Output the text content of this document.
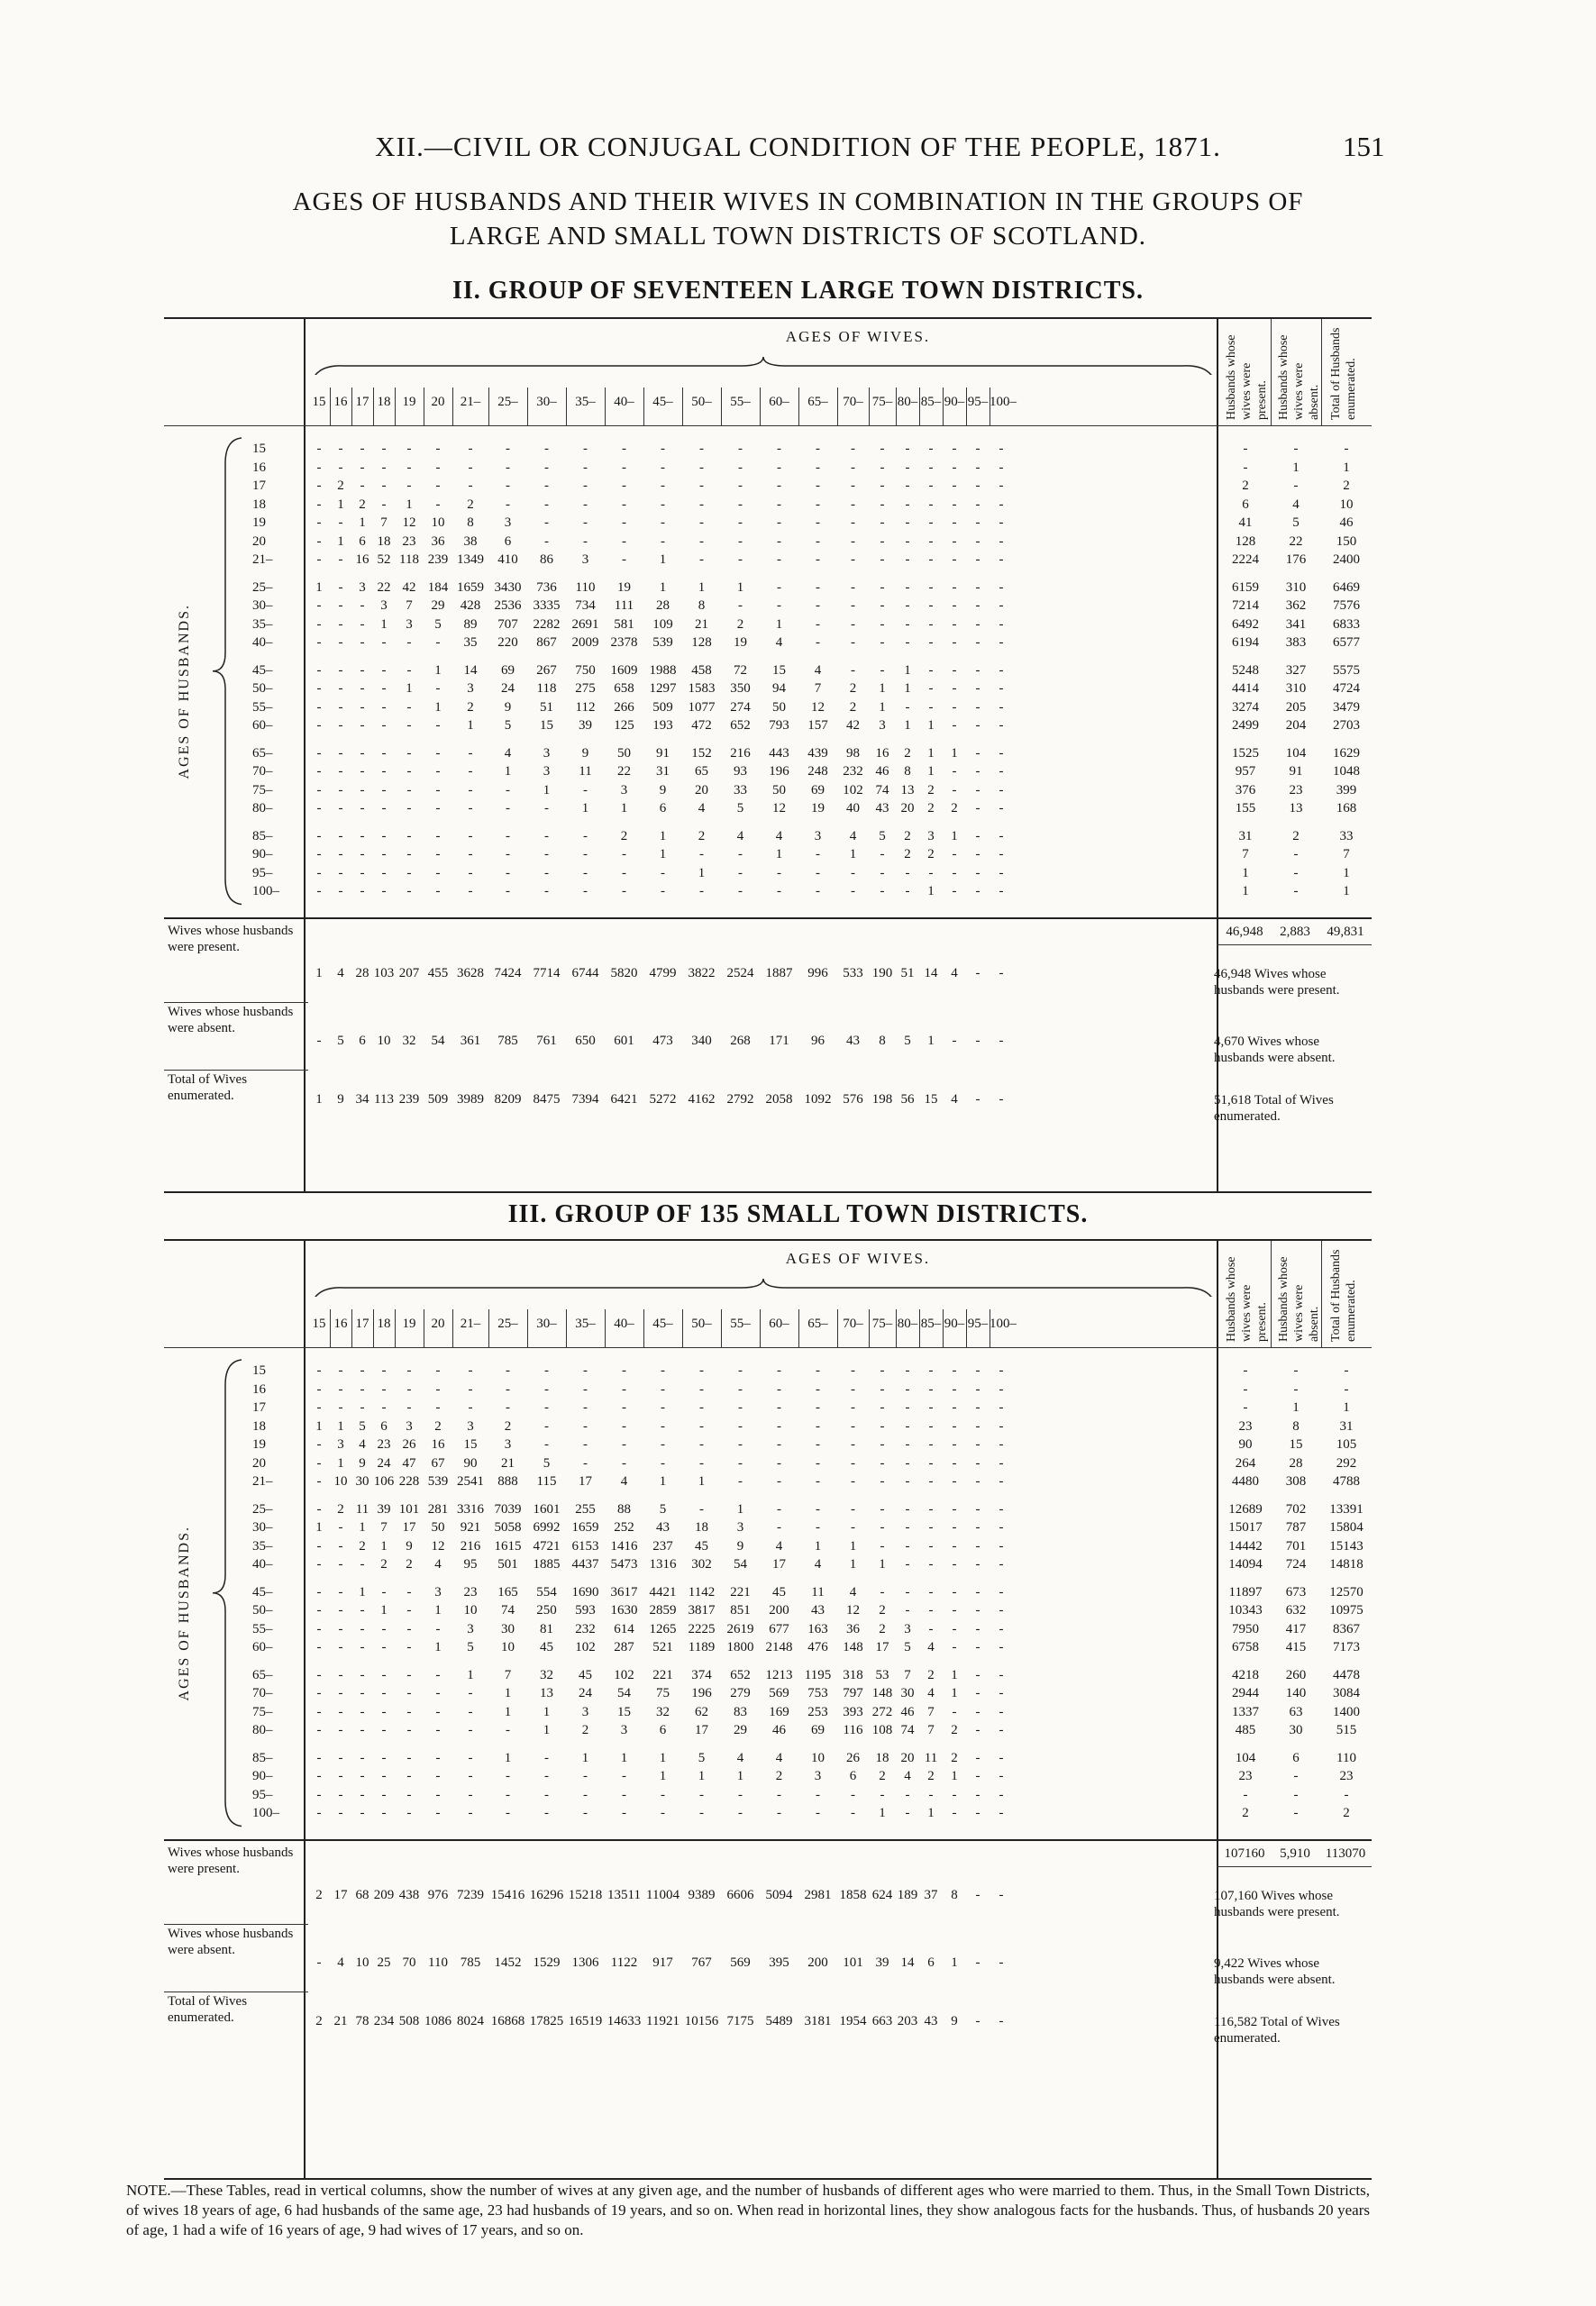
XII.—CIVIL OR CONJUGAL CONDITION OF THE PEOPLE, 1871.	151
AGES OF HUSBANDS AND THEIR WIVES IN COMBINATION IN THE GROUPS OF
LARGE AND SMALL TOWN DISTRICTS OF SCOTLAND.
II. GROUP OF SEVENTEEN LARGE TOWN DISTRICTS.
15 16 17 18 19	20	21–	25–	30–	35–	40–	45–	50–	55–	60–	65–	70– 75– 80– 85– 90– 95– 100–
AGES OF WIVES.	Husbands whose wives were present. Husbands whose wives were absent. Total of Husbands enumerated.
15	-	-	-	-	-	-	-	-	-	-	-	-	-	-	-	-	-	-	-	-	-	-	-	-	-	-
16	-	-	-	-	-	-	-	-	-	-	-	-	-	-	-	-	-	-	-	-	-	-	-	-	1	1
17	-	2	-	-	-	-	-	-	-	-	-	-	-	-	-	-	-	-	-	-	-	-	-	2	-	2
18	-	1	2	-	1	-	2	-	-	-	-	-	-	-	-	-	-	-	-	-	-	-	-	6	4	10
19	-	-	1	7	12	10	8	3	-	-	-	-	-	-	-	-	-	-	-	-	-	-	-	41	5	46
20	-	1	6 18 23	36	38	6	-	-	-	-	-	-	-	-	-	-	-	-	-	-	-	128	22	150
21–	-	- 16 52 118 239 1349	410	86	3	-	1	-	-	-	-	-	-	-	-	-	-	-	2224	176	2400
25–	1	-	3 22 42 184 1659 3430	736	110	19	1	1	1	-	-	-	-	-	-	-	-	-	6159	310	6469
30–	-	-	-	3	7	29	428	2536 3335	734	111	28	8	-	-	-	-	-	-	-	-	-	-	7214	362	7576
35–	-	-	-	1	3	5	89	707	2282 2691	581	109	21	2	1	-	-	-	-	-	-	-	-	6492	341	6833
40–	-	-	-	-	-	-	35	220	867	2009 2378	539	128	19	4	-	-	-	-	-	-	-	-	6194	383	6577
45–	-	-	-	-	-	1	14	69	267	750	1609 1988	458	72	15	4	-	-	1	-	-	-	-	5248	327	5575
50–	-	-	-	-	1	-	3	24	118	275	658	1297 1583	350	94	7	2	1	1	-	-	-	-	4414	310	4724
55–	-	-	-	-	-	1	2	9	51	112	266	509	1077	274	50	12	2	1	-	-	-	-	-	3274	205	3479
60–	-	-	-	-	-	-	1	5	15	39	125	193	472	652	793	157	42	3	1	1	-	-	-	2499	204	2703
65–	-	-	-	-	-	-	-	4	3	9	50	91	152	216	443	439	98	16	2	1	1	-	-	1525	104	1629
70–	-	-	-	-	-	-	-	1	3	11	22	31	65	93	196	248	232 46	8	1	-	-	-	957	91	1048
75–	-	-	-	-	-	-	-	-	1	-	3	9	20	33	50	69	102 74 13 2	-	-	-	376	23	399
80–	-	-	-	-	-	-	-	-	-	1	1	6	4	5	12	19	40	43 20 2	2	-	-	155	13	168
85–	-	-	-	-	-	-	-	-	-	-	2	1	2	4	4	3	4	5	2	3	1	-	-	31	2	33
90–	-	-	-	-	-	-	-	-	-	-	-	1	-	-	1	-	1	-	2	2	-	-	-	7	-	7
95–	-	-	-	-	-	-	-	-	-	-	-	-	1	-	-	-	-	-	-	-	-	-	-	1	-	1
100–	-	-	-	-	-	-	-	-	-	-	-	-	-	-	-	-	-	-	-	1	-	-	-	1	-	1
AGES OF HUSBANDS.
Wives whose husbands were present.
1	4 28 103 207 455 3628 7424 7714 6744 5820 4799 3822 2524 1887	996	533 190 51 14 4	-	-
46,948	2,883	49,831
46,948 Wives whose husbands were present.
Wives whose husbands were absent.
-	5	6 10 32	54	361	785	761	650	601	473	340	268	171	96	43	8	5	1	-	-	-	4,670 Wives whose husbands were absent.
Total of Wives enumerated.	1	9 34 113 239 509 3989 8209 8475 7394 6421 5272 4162 2792 2058 1092 576 198 56 15 4	-	-	51,618 Total of Wives enumerated.
III. GROUP OF 135 SMALL TOWN DISTRICTS.
15 16 17 18 19	20	21–	25–	30–	35–	40–	45–	50–	55–	60–	65–	70– 75– 80– 85– 90– 95– 100–
AGES OF WIVES.	Husbands whose wives were present. Husbands whose wives were absent. Total of Husbands enumerated.
15	-	-	-	-	-	-	-	-	-	-	-	-	-	-	-	-	-	-	-	-	-	-	-	-	-	-
16	-	-	-	-	-	-	-	-	-	-	-	-	-	-	-	-	-	-	-	-	-	-	-	-	-	-
17	-	-	-	-	-	-	-	-	-	-	-	-	-	-	-	-	-	-	-	-	-	-	-	-	1	1
18	1	1	5	6	3	2	3	2	-	-	-	-	-	-	-	-	-	-	-	-	-	-	-	23	8	31
19	-	3	4 23 26	16	15	3	-	-	-	-	-	-	-	-	-	-	-	-	-	-	-	90	15	105
20	-	1	9 24 47	67	90	21	5	-	-	-	-	-	-	-	-	-	-	-	-	-	-	264	28	292
21–	- 10 30 106 228 539 2541	888	115	17	4	1	1	-	-	-	-	-	-	-	-	-	-	4480	308	4788
25–	-	2 11 39 101 281 3316 7039 1601	255	88	5	-	1	-	-	-	-	-	-	-	-	-	12689	702	13391
30–	1	-	1	7	17	50	921	5058 6992 1659	252	43	18	3	-	-	-	-	-	-	-	-	-	15017	787	15804
35–	-	-	2	1	9	12	216	1615 4721 6153 1416	237	45	9	4	1	1	-	-	-	-	-	-	14442	701	15143
40–	-	-	-	2	2	4	95	501	1885 4437 5473 1316	302	54	17	4	1	1	-	-	-	-	-	14094	724	14818
45–	-	-	1	-	-	3	23	165	554	1690 3617 4421 1142	221	45	11	4	-	-	-	-	-	-	11897	673	12570
50–	-	-	-	1	-	1	10	74	250	593	1630 2859 3817	851	200	43	12	2	-	-	-	-	-	10343	632	10975
55–	-	-	-	-	-	-	3	30	81	232	614	1265 2225 2619	677	163	36	2	3	-	-	-	-	7950	417	8367
60–	-	-	-	-	-	1	5	10	45	102	287	521	1189 1800 2148	476	148 17	5	4	-	-	-	6758	415	7173
65–	-	-	-	-	-	-	1	7	32	45	102	221	374	652	1213 1195 318 53	7	2	1	-	-	4218	260	4478
70–	-	-	-	-	-	-	-	1	13	24	54	75	196	279	569	753	797 148 30 4	1	-	-	2944	140	3084
75–	-	-	-	-	-	-	-	1	1	3	15	32	62	83	169	253	393 272 46 7	-	-	-	1337	63	1400
80–	-	-	-	-	-	-	-	-	1	2	3	6	17	29	46	69	116 108 74 7	2	-	-	485	30	515
85–	-	-	-	-	-	-	-	1	-	1	1	1	5	4	4	10	26	18 20 11	2	-	-	104	6	110
90–	-	-	-	-	-	-	-	-	-	-	-	1	1	1	2	3	6	2	4	2	1	-	-	23	-	23
95–	-	-	-	-	-	-	-	-	-	-	-	-	-	-	-	-	-	-	-	-	-	-	-	-	-	-
100–	-	-	-	-	-	-	-	-	-	-	-	-	-	-	-	-	-	1	-	1	-	-	-	2	-	2
AGES OF HUSBANDS.
Wives whose husbands were present.
2 17 68 209 438 976 7239 15416 16296 15218 13511 11004 9389 6606 5094 2981 1858 624 189 37 8	-	-
107160	5,910	113070
107,160 Wives whose husbands were present.
Wives whose husbands were absent.
-	4 10 25 70 110 785	1452 1529 1306 1122	917	767	569	395	200	101 39 14 6	1	-	-	9,422 Wives whose husbands were absent.
Total of Wives enumerated.	2 21 78 234 508 1086 8024 16868 17825 16519 14633 11921 10156 7175 5489 3181 1954 663 203 43 9	-	-	116,582 Total of Wives enumerated.
NOTE.—These Tables, read in vertical columns, show the number of wives at any given age, and the number of husbands of different ages who were married to them. Thus, in the Small Town Districts, of wives 18 years of age, 6 had husbands of the same age, 23 had husbands of 19 years, and so on. When read in horizontal lines, they show analogous facts for the husbands. Thus, of husbands 20 years of age, 1 had a wife of 16 years of age, 9 had wives of 17 years, and so on.
